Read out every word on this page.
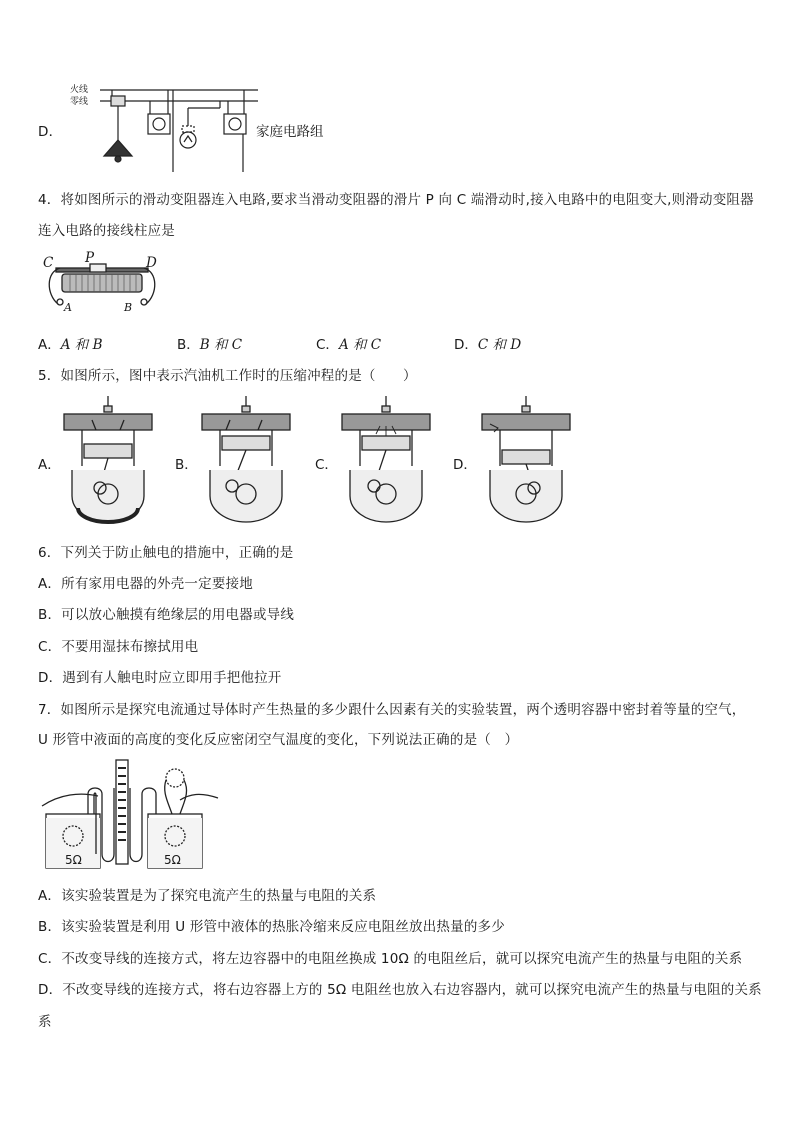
D．
火线
零线
家庭电路组
4．将如图所示的滑动变阻器连入电路,要求当滑动变阻器的滑片 P 向 C 端滑动时,接入电路中的电阻变大,则滑动变阻器
连入电路的接线柱应是
C P	D
A	B
A．A 和 B	B．B 和 C	C．A 和 C	D．C 和 D
5．如图所示，图中表示汽油机工作时的压缩冲程的是（　　）
A．	B．	C．	D．
6．下列关于防止触电的措施中，正确的是
A．所有家用电器的外壳一定要接地
B．可以放心触摸有绝缘层的用电器或导线
C．不要用湿抹布擦拭用电
D．遇到有人触电时应立即用手把他拉开
7．如图所示是探究电流通过导体时产生热量的多少跟什么因素有关的实验装置，两个透明容器中密封着等量的空气，
U 形管中液面的高度的变化反应密闭空气温度的变化，下列说法正确的是（　）
5Ω	5Ω
A．该实验装置是为了探究电流产生的热量与电阻的关系
B．该实验装置是利用 U 形管中液体的热胀冷缩来反应电阻丝放出热量的多少
C．不改变导线的连接方式，将左边容器中的电阻丝换成 10Ω 的电阻丝后，就可以探究电流产生的热量与电阻的关系
D．不改变导线的连接方式，将右边容器上方的 5Ω 电阻丝也放入右边容器内，就可以探究电流产生的热量与电阻的关系
系
